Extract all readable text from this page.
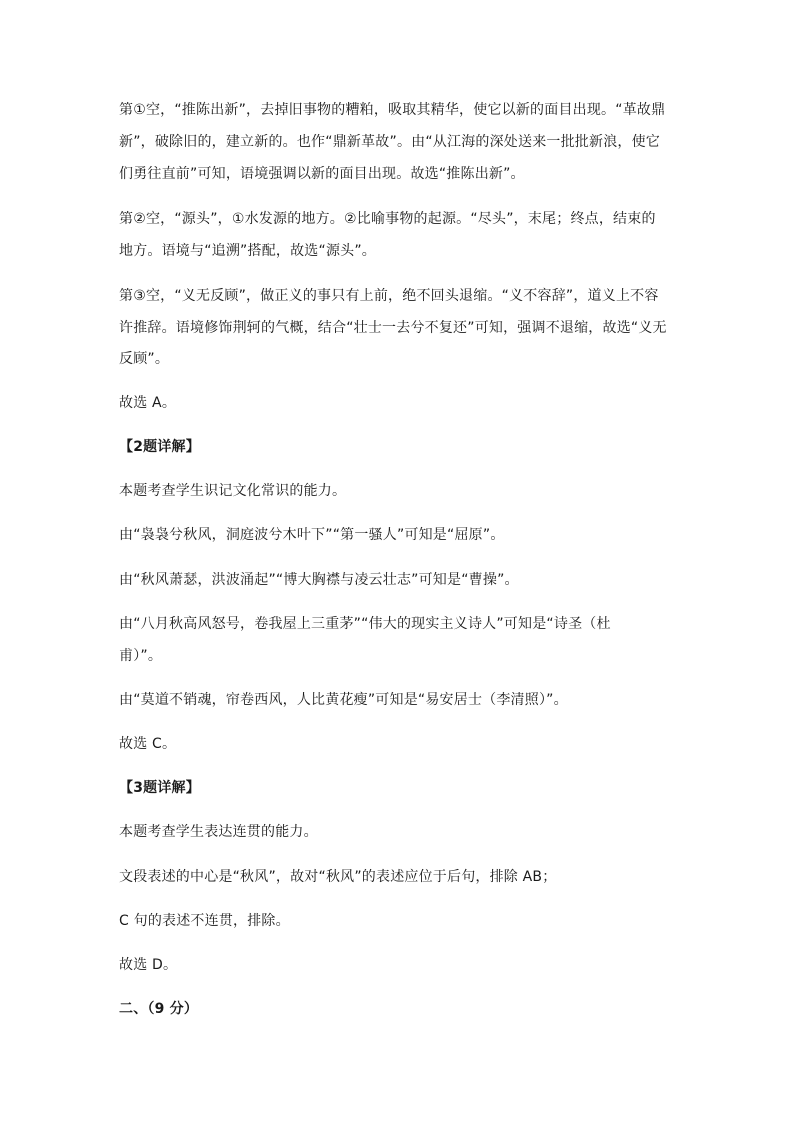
第①空，“推陈出新”，去掉旧事物的糟粕，吸取其精华，使它以新的面目出现。“革故鼎
新”，破除旧的，建立新的。也作“鼎新革故”。由“从江海的深处送来一批批新浪，使它
们勇往直前”可知，语境强调以新的面目出现。故选“推陈出新”。
第②空，“源头”，①水发源的地方。②比喻事物的起源。“尽头”，末尾；终点，结束的
地方。语境与“追溯”搭配，故选“源头”。
第③空，“义无反顾”，做正义的事只有上前，绝不回头退缩。“义不容辞”，道义上不容
许推辞。语境修饰荆轲的气概，结合“壮士一去兮不复还”可知，强调不退缩，故选“义无
反顾”。
故选 A。
【2题详解】
本题考查学生识记文化常识的能力。
由“袅袅兮秋风，洞庭波兮木叶下”“第一骚人”可知是“屈原”。
由“秋风萧瑟，洪波涌起”“博大胸襟与凌云壮志”可知是“曹操”。
由“八月秋高风怒号，卷我屋上三重茅”“伟大的现实主义诗人”可知是“诗圣（杜
甫）”。
由“莫道不销魂，帘卷西风，人比黄花瘦”可知是“易安居士（李清照）”。
故选 C。
【3题详解】
本题考查学生表达连贯的能力。
文段表述的中心是“秋风”，故对“秋风”的表述应位于后句，排除 AB；
C 句的表述不连贯，排除。
故选 D。
二、（9 分）
